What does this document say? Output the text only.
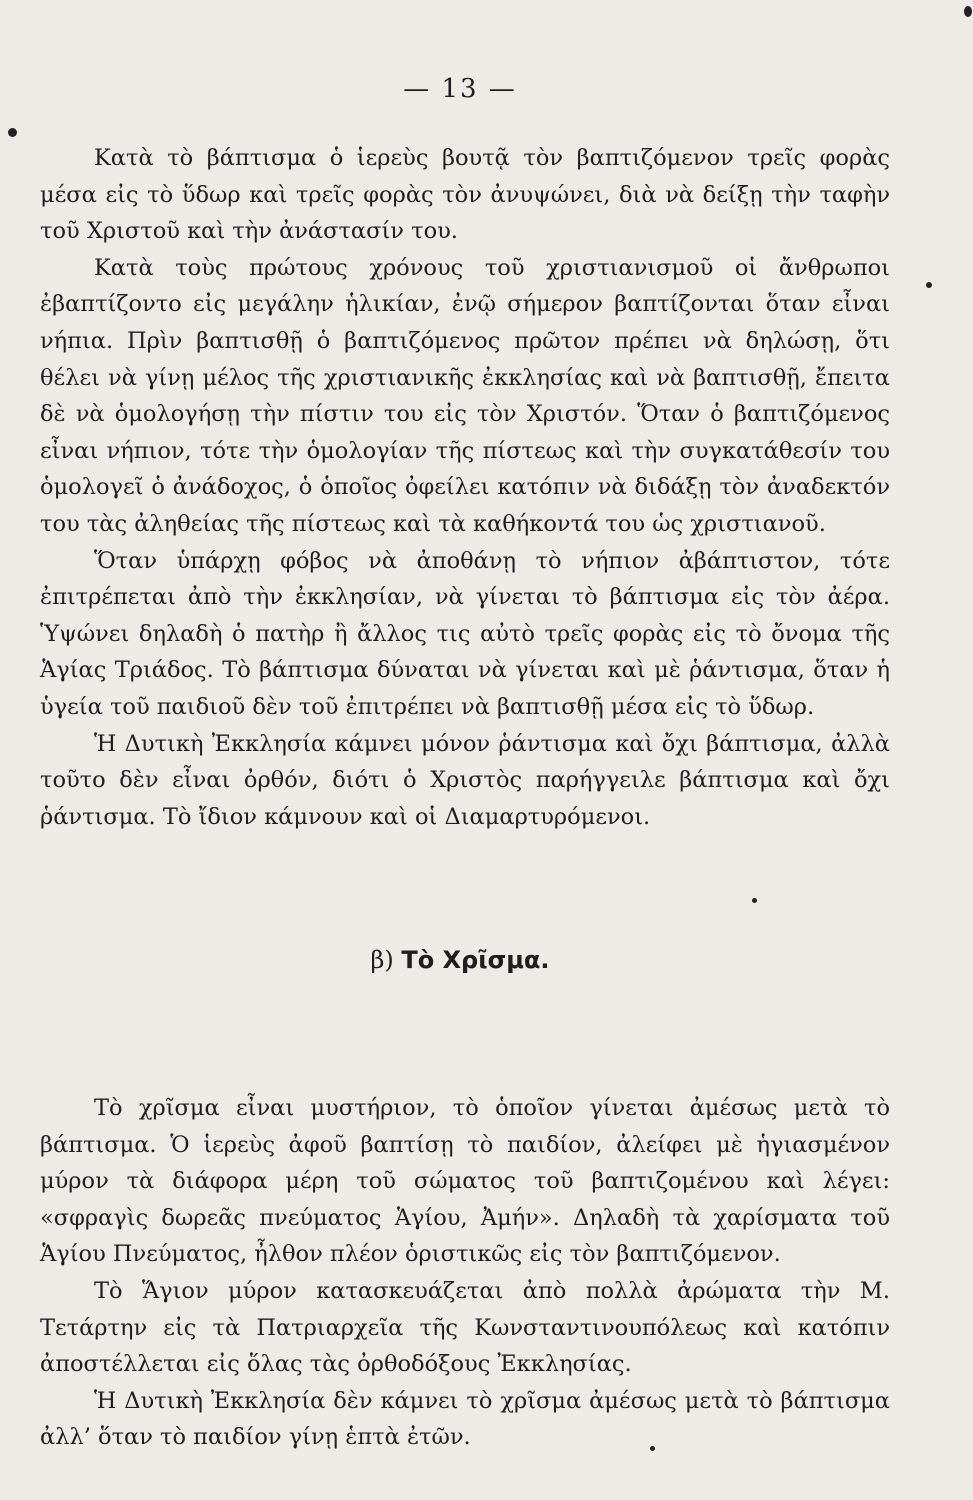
— 13 —

Κατὰ τὸ βάπτισμα ὁ ἱερεὺς βουτᾷ τὸν βαπτιζόμενον τρεῖς φορὰς μέσα εἰς τὸ ὕδωρ καὶ τρεῖς φορὰς τὸν ἀνυψώνει, διὰ νὰ δείξῃ τὴν ταφὴν τοῦ Χριστοῦ καὶ τὴν ἀνάστασίν του.

Κατὰ τοὺς πρώτους χρόνους τοῦ χριστιανισμοῦ οἱ ἄνθρωποι ἐβαπτίζοντο εἰς μεγάλην ἡλικίαν, ἐνῷ σήμερον βαπτίζονται ὅταν εἶναι νήπια. Πρὶν βαπτισθῇ ὁ βαπτιζόμενος πρῶτον πρέπει νὰ δηλώσῃ, ὅτι θέλει νὰ γίνῃ μέλος τῆς χριστιανικῆς ἐκκλησίας καὶ νὰ βαπτισθῇ, ἔπειτα δὲ νὰ ὁμολογήσῃ τὴν πίστιν του εἰς τὸν Χριστόν. Ὅταν ὁ βαπτιζόμενος εἶναι νήπιον, τότε τὴν ὁμολογίαν τῆς πίστεως καὶ τὴν συγκατάθεσίν του ὁμολογεῖ ὁ ἀνάδοχος, ὁ ὁποῖος ὀφείλει κατόπιν νὰ διδάξῃ τὸν ἀναδεκτόν του τὰς ἀληθείας τῆς πίστεως καὶ τὰ καθήκοντά του ὡς χριστιανοῦ.

Ὅταν ὑπάρχῃ φόβος νὰ ἀποθάνῃ τὸ νήπιον ἀβάπτιστον, τότε ἐπιτρέπεται ἀπὸ τὴν ἐκκλησίαν, νὰ γίνεται τὸ βάπτισμα εἰς τὸν ἀέρα. Ὑψώνει δηλαδὴ ὁ πατὴρ ἢ ἄλλος τις αὐτὸ τρεῖς φορὰς εἰς τὸ ὄνομα τῆς Ἁγίας Τριάδος. Τὸ βάπτισμα δύναται νὰ γίνεται καὶ μὲ ῥάντισμα, ὅταν ἡ ὑγεία τοῦ παιδιοῦ δὲν τοῦ ἐπιτρέπει νὰ βαπτισθῇ μέσα εἰς τὸ ὕδωρ.

Ἡ Δυτικὴ Ἐκκλησία κάμνει μόνον ῥάντισμα καὶ ὄχι βάπτισμα, ἀλλὰ τοῦτο δὲν εἶναι ὀρθόν, διότι ὁ Χριστὸς παρήγγειλε βάπτισμα καὶ ὄχι ῥάντισμα. Τὸ ἴδιον κάμνουν καὶ οἱ Διαμαρτυρόμενοι.

β) Τὸ Χρῖσμα.

Τὸ χρῖσμα εἶναι μυστήριον, τὸ ὁποῖον γίνεται ἀμέσως μετὰ τὸ βάπτισμα. Ὁ ἱερεὺς ἀφοῦ βαπτίσῃ τὸ παιδίον, ἀλείφει μὲ ἡγιασμένον μύρον τὰ διάφορα μέρη τοῦ σώματος τοῦ βαπτιζομένου καὶ λέγει: «σφραγὶς δωρεᾶς πνεύματος Ἁγίου, Ἀμήν». Δηλαδὴ τὰ χαρίσματα τοῦ Ἁγίου Πνεύματος, ἦλθον πλέον ὁριστικῶς εἰς τὸν βαπτιζόμενον.

Τὸ Ἅγιον μύρον κατασκευάζεται ἀπὸ πολλὰ ἀρώματα τὴν Μ. Τετάρτην εἰς τὰ Πατριαρχεῖα τῆς Κωνσταντινουπόλεως καὶ κατόπιν ἀποστέλλεται εἰς ὅλας τὰς ὀρθοδόξους Ἐκκλησίας.

Ἡ Δυτικὴ Ἐκκλησία δὲν κάμνει τὸ χρῖσμα ἀμέσως μετὰ τὸ βάπτισμα ἀλλ’ ὅταν τὸ παιδίον γίνῃ ἑπτὰ ἐτῶν.
